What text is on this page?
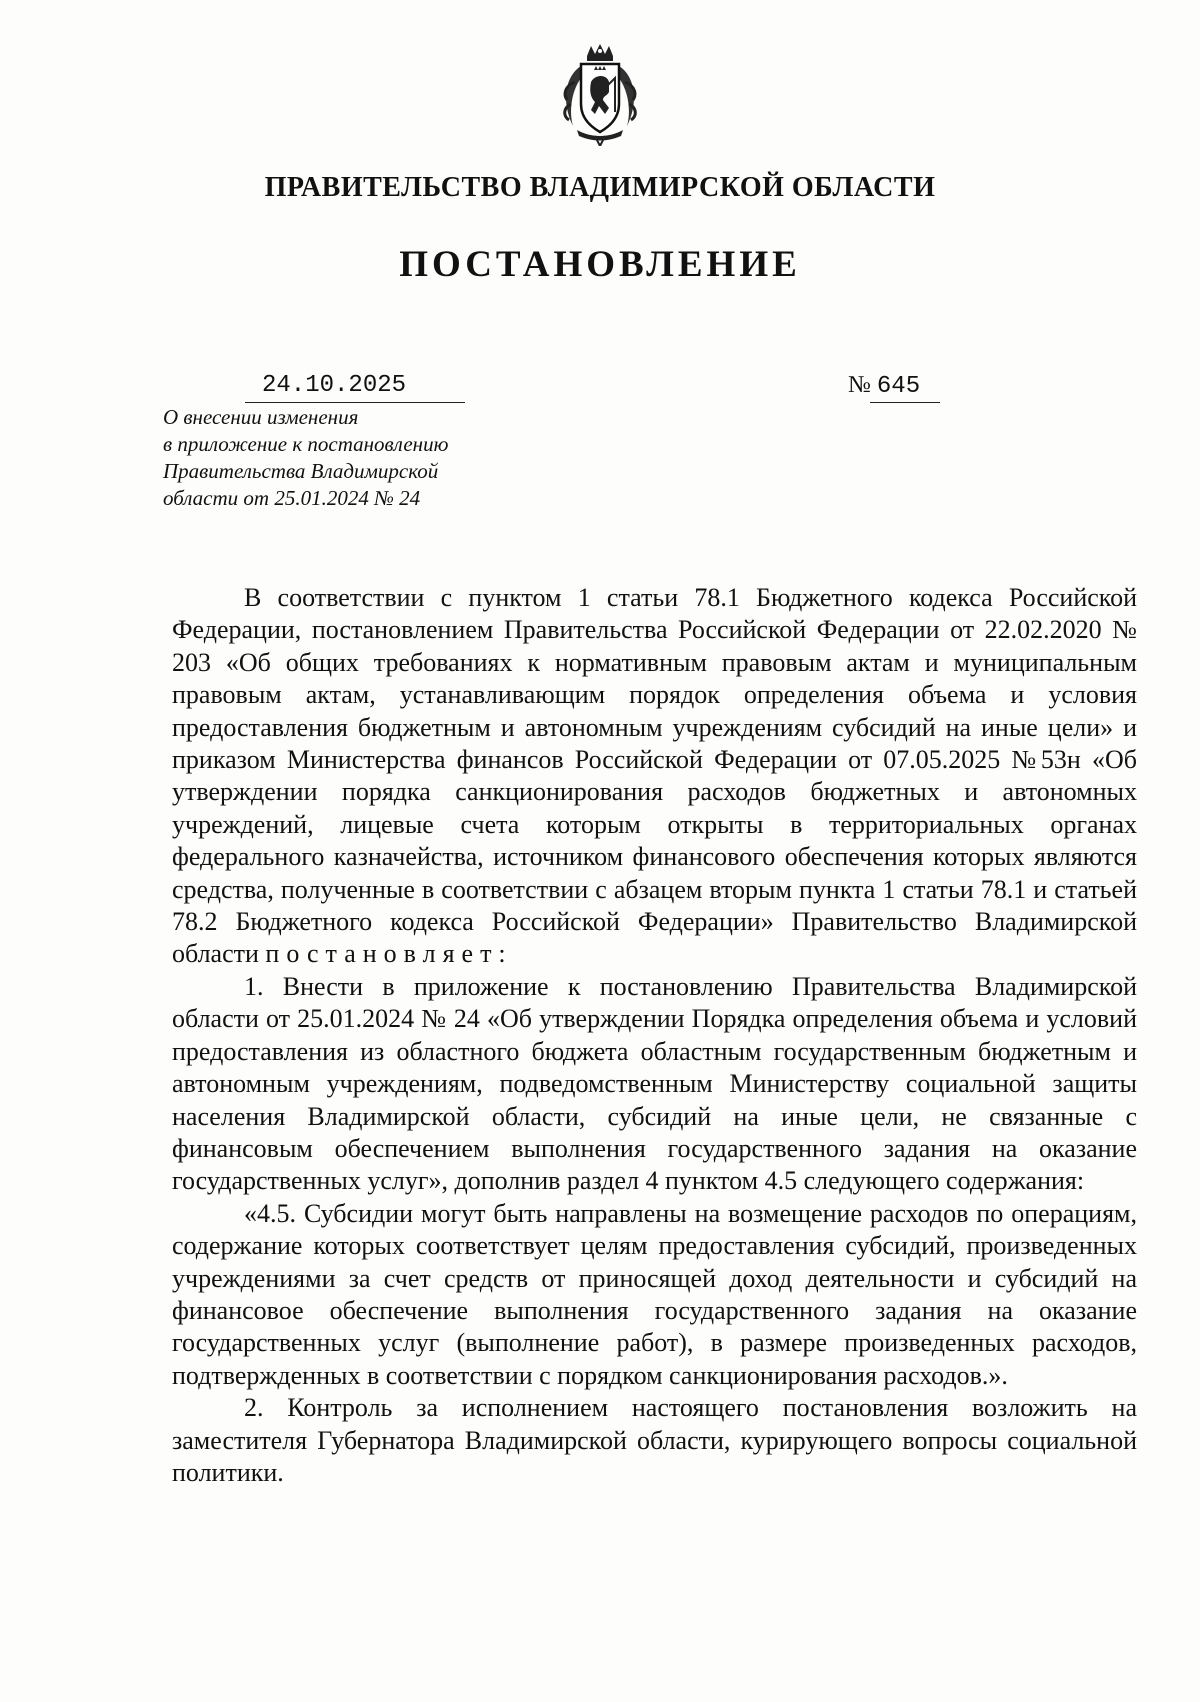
ПРАВИТЕЛЬСТВО ВЛАДИМИРСКОЙ ОБЛАСТИ
ПОСТАНОВЛЕНИЕ
24.10.2025	№ 645
О внесении изменения
в приложение к постановлению
Правительства Владимирской
области от 25.01.2024 № 24

В соответствии с пунктом 1 статьи 78.1 Бюджетного кодекса Российской Федерации, постановлением Правительства Российской Федерации от 22.02.2020 № 203 «Об общих требованиях к нормативным правовым актам и муниципальным правовым актам, устанавливающим порядок определения объема и условия предоставления бюджетным и автономным учреждениям субсидий на иные цели» и приказом Министерства финансов Российской Федерации от 07.05.2025 №53н «Об утверждении порядка санкционирования расходов бюджетных и автономных учреждений, лицевые счета которым открыты в территориальных органах федерального казначейства, источником финансового обеспечения которых являются средства, полученные в соответствии с абзацем вторым пункта 1 статьи 78.1 и статьей 78.2 Бюджетного кодекса Российской Федерации» Правительство Владимирской области постановляет:

1. Внести в приложение к постановлению Правительства Владимирской области от 25.01.2024 № 24 «Об утверждении Порядка определения объема и условий предоставления из областного бюджета областным государственным бюджетным и автономным учреждениям, подведомственным Министерству социальной защиты населения Владимирской области, субсидий на иные цели, не связанные с финансовым обеспечением выполнения государственного задания на оказание государственных услуг», дополнив раздел 4 пунктом 4.5 следующего содержания:

«4.5. Субсидии могут быть направлены на возмещение расходов по операциям, содержание которых соответствует целям предоставления субсидий, произведенных учреждениями за счет средств от приносящей доход деятельности и субсидий на финансовое обеспечение выполнения государственного задания на оказание государственных услуг (выполнение работ), в размере произведенных расходов, подтвержденных в соответствии с порядком санкционирования расходов.».

2. Контроль за исполнением настоящего постановления возложить на заместителя Губернатора Владимирской области, курирующего вопросы социальной политики.
